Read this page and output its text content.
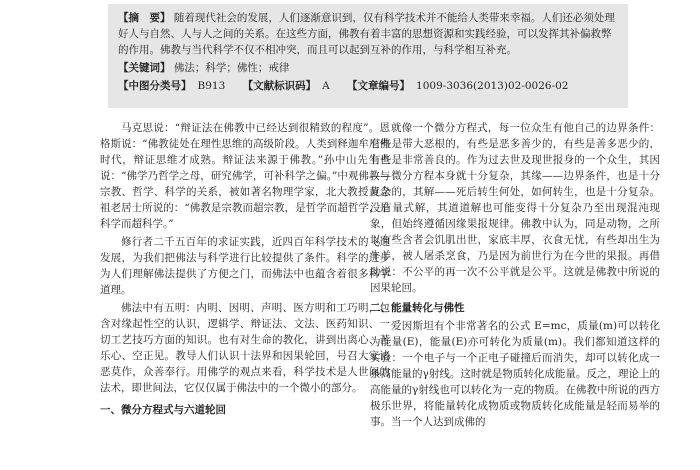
【摘　要】 随着现代社会的发展，人们逐渐意识到，仅有科学技术并不能给人类带来幸福。人们还必须处理好人与自然、人与人之间的关系。在这些方面，佛教有着丰富的思想资源和实践经验，可以发挥其补偏救弊的作用。佛教与当代科学不仅不相冲突，而且可以起到互补的作用，与科学相互补充。
【关键词】 佛法；科学；佛性；戒律
【中图分类号】 B913 【文献标识码】 A 【文章编号】 1009-3036(2013)02-0026-02

马克思说：“辩证法在佛教中已经达到很精致的程度”。恩格斯说：“佛教徒处在理性思维的高级阶段。人类到释迦牟尼佛时代，辩证思维才成熟。辩证法来源于佛教。”孙中山先生也说：“佛学乃哲学之母，研究佛学，可补科学之偏。”中观佛教与宗教、哲学、科学的关系，被如著名物理学家，北大教授黄念祖老居士所说的：“佛教是宗教而超宗教，是哲学而超哲学，是科学而超科学。”

修行者二千五百年的求证实践，近四百年科学技术的飞速发展，为我们把佛法与科学进行比较提供了条件。科学的进步为人们理解佛法提供了方便之门，而佛法中也蕴含着很多科学道理。

佛法中有五明：内明、因明、声明、医方明和工巧明，包含对缘起性空的认识，逻辑学、辩证法、文法、医药知识、一切工艺技巧方面的知识。也有对生命的教化，讲到出离心、苦乐心、空正见。教导人们认识十法界和因果轮回，号召大家诸恶莫作，众善奉行。用佛学的观点来看，科学技术是人世间的法术，即世间法，它仅仅属于佛法中的一个微小的部分。

一、微分方程式与六道轮回

就像一个微分方程式，每一位众生有他自己的边界条件：有些是带大恶根的，有些是恶多善少的，有些是善多恶少的，有些是非常善良的。作为过去世及现世报身的一个众生，其因——微分方程本身就十分复杂，其缘——边界条件，也是十分复杂的，其解——死后转生何处，如何转生，也是十分复杂。没有量式解，其道道解也可能变得十分复杂乃至出现混沌现象，但始终遵循因缘果报规律。佛教中认为，同是动物，之所以有些含者会饥肌出世，家底丰厚，衣食无忧，有些却出生为牛羊，被人屠杀烹食，乃是因为前世行为在今世的果报。再借助说：不公平的再一次不公平就是公平。这就是佛教中所说的因果轮回。

二、能量转化与佛性

爱因斯坦有个非常著名的公式 E=mc，质量(m)可以转化为能量(E)，能量(E)亦可转化为质量(m)。我们都知道这样的实验：一个电子与一个正电子碰撞后而消失，却可以转化成一条高能量的γ射线。这时就是物质转化成能量。反之，理论上的高能量的γ射线也可以转化为一克的物质。在佛教中所说的西方极乐世界，将能量转化成物质或物质转化成能量是轻而易举的事。当一个人达到成佛的
